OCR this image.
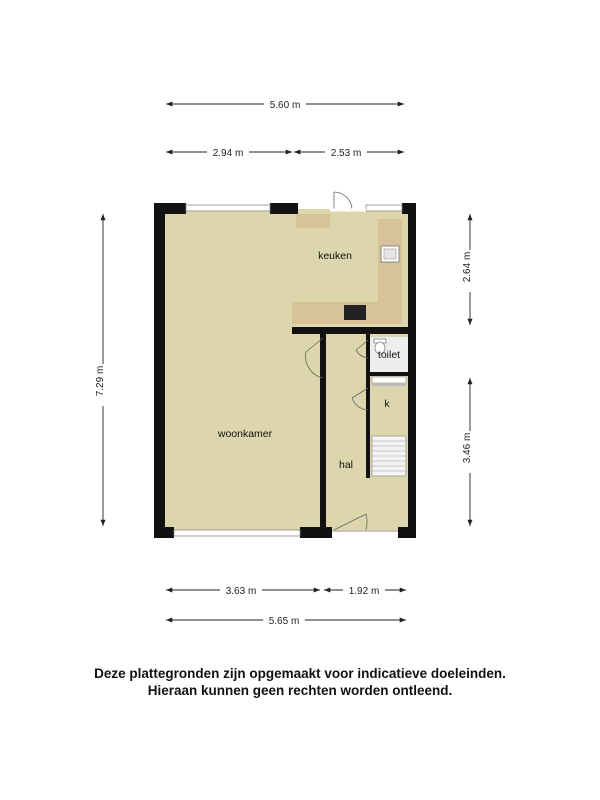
5.60 m
2.94 m	2.53 m
7.29 m
2.64 m
3.46 m
3.63 m	1.92 m
5.65 m
keuken
toilet
k
woonkamer
hal
Deze plattegronden zijn opgemaakt voor indicatieve doeleinden.
Hieraan kunnen geen rechten worden ontleend.
